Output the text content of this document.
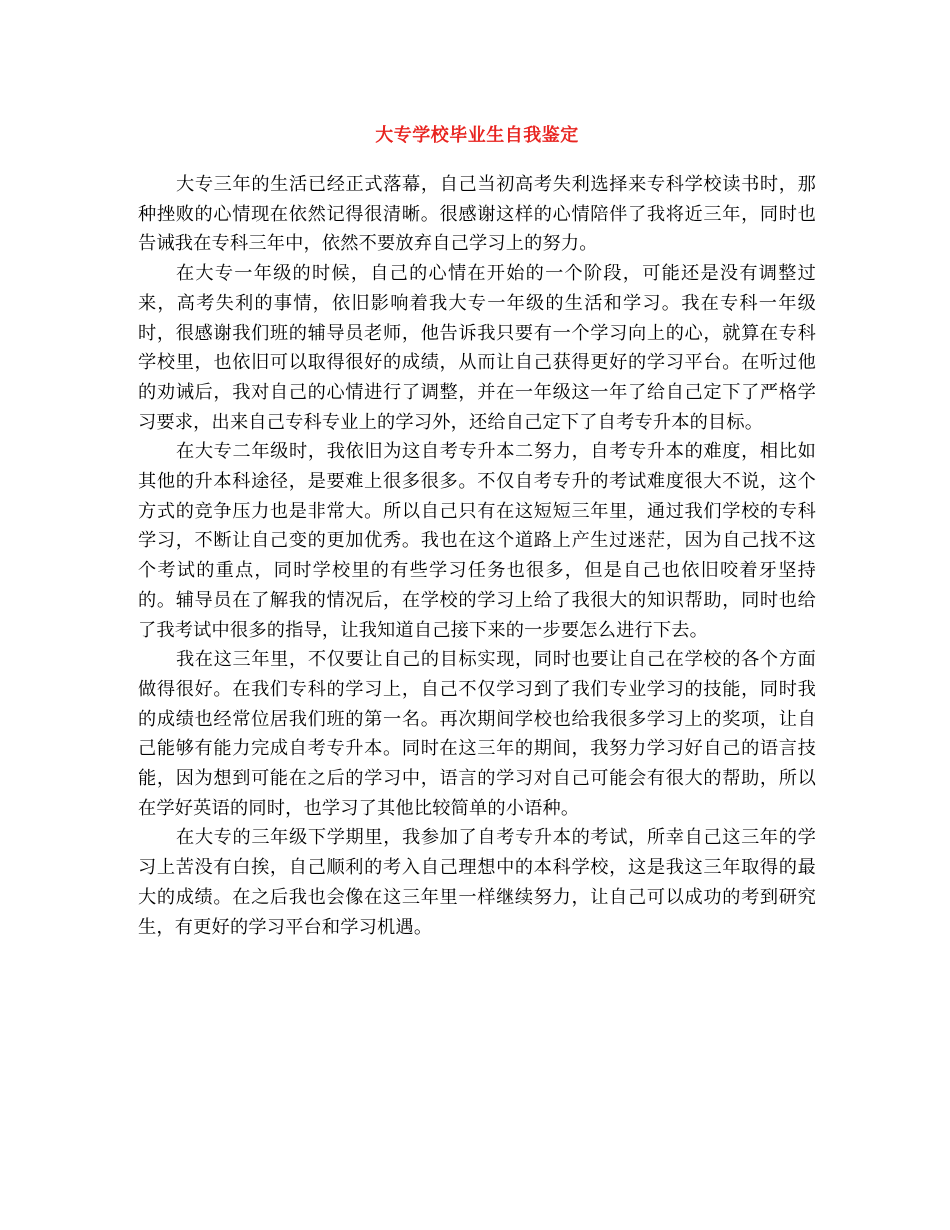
大专学校毕业生自我鉴定

大专三年的生活已经正式落幕，自己当初高考失利选择来专科学校读书时，那种挫败的心情现在依然记得很清晰。很感谢这样的心情陪伴了我将近三年，同时也告诫我在专科三年中，依然不要放弃自己学习上的努力。

在大专一年级的时候，自己的心情在开始的一个阶段，可能还是没有调整过来，高考失利的事情，依旧影响着我大专一年级的生活和学习。我在专科一年级时，很感谢我们班的辅导员老师，他告诉我只要有一个学习向上的心，就算在专科学校里，也依旧可以取得很好的成绩，从而让自己获得更好的学习平台。在听过他的劝诫后，我对自己的心情进行了调整，并在一年级这一年了给自己定下了严格学习要求，出来自己专科专业上的学习外，还给自己定下了自考专升本的目标。

在大专二年级时，我依旧为这自考专升本二努力，自考专升本的难度，相比如其他的升本科途径，是要难上很多很多。不仅自考专升的考试难度很大不说，这个方式的竞争压力也是非常大。所以自己只有在这短短三年里，通过我们学校的专科学习，不断让自己变的更加优秀。我也在这个道路上产生过迷茫，因为自己找不这个考试的重点，同时学校里的有些学习任务也很多，但是自己也依旧咬着牙坚持的。辅导员在了解我的情况后，在学校的学习上给了我很大的知识帮助，同时也给了我考试中很多的指导，让我知道自己接下来的一步要怎么进行下去。

我在这三年里，不仅要让自己的目标实现，同时也要让自己在学校的各个方面做得很好。在我们专科的学习上，自己不仅学习到了我们专业学习的技能，同时我的成绩也经常位居我们班的第一名。再次期间学校也给我很多学习上的奖项，让自己能够有能力完成自考专升本。同时在这三年的期间，我努力学习好自己的语言技能，因为想到可能在之后的学习中，语言的学习对自己可能会有很大的帮助，所以在学好英语的同时，也学习了其他比较简单的小语种。

在大专的三年级下学期里，我参加了自考专升本的考试，所幸自己这三年的学习上苦没有白挨，自己顺利的考入自己理想中的本科学校，这是我这三年取得的最大的成绩。在之后我也会像在这三年里一样继续努力，让自己可以成功的考到研究生，有更好的学习平台和学习机遇。
